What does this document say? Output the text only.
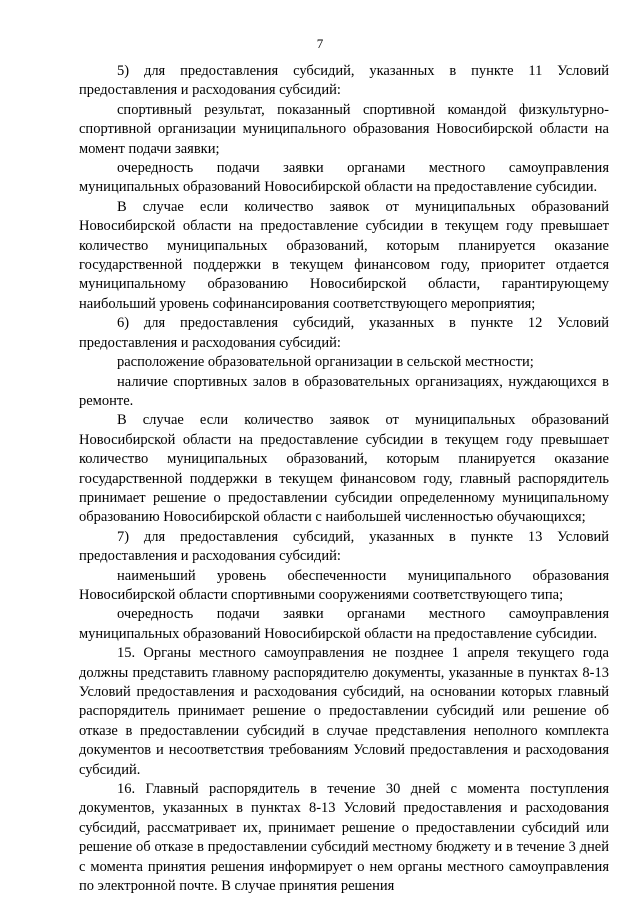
7

5) для предоставления субсидий, указанных в пункте 11 Условий предоставления и расходования субсидий:

спортивный результат, показанный спортивной командой физкультурно-спортивной организации муниципального образования Новосибирской области на момент подачи заявки;

очередность подачи заявки органами местного самоуправления муниципальных образований Новосибирской области на предоставление субсидии.

В случае если количество заявок от муниципальных образований Новосибирской области на предоставление субсидии в текущем году превышает количество муниципальных образований, которым планируется оказание государственной поддержки в текущем финансовом году, приоритет отдается муниципальному образованию Новосибирской области, гарантирующему наибольший уровень софинансирования соответствующего мероприятия;

6) для предоставления субсидий, указанных в пункте 12 Условий предоставления и расходования субсидий:

расположение образовательной организации в сельской местности;

наличие спортивных залов в образовательных организациях, нуждающихся в ремонте.

В случае если количество заявок от муниципальных образований Новосибирской области на предоставление субсидии в текущем году превышает количество муниципальных образований, которым планируется оказание государственной поддержки в текущем финансовом году, главный распорядитель принимает решение о предоставлении субсидии определенному муниципальному образованию Новосибирской области с наибольшей численностью обучающихся;

7) для предоставления субсидий, указанных в пункте 13 Условий предоставления и расходования субсидий:

наименьший уровень обеспеченности муниципального образования Новосибирской области спортивными сооружениями соответствующего типа;

очередность подачи заявки органами местного самоуправления муниципальных образований Новосибирской области на предоставление субсидии.

15. Органы местного самоуправления не позднее 1 апреля текущего года должны представить главному распорядителю документы, указанные в пунктах 8-13 Условий предоставления и расходования субсидий, на основании которых главный распорядитель принимает решение о предоставлении субсидий или решение об отказе в предоставлении субсидий в случае представления неполного комплекта документов и несоответствия требованиям Условий предоставления и расходования субсидий.

16. Главный распорядитель в течение 30 дней с момента поступления документов, указанных в пунктах 8-13 Условий предоставления и расходования субсидий, рассматривает их, принимает решение о предоставлении субсидий или решение об отказе в предоставлении субсидий местному бюджету и в течение 3 дней с момента принятия решения информирует о нем органы местного самоуправления по электронной почте. В случае принятия решения
